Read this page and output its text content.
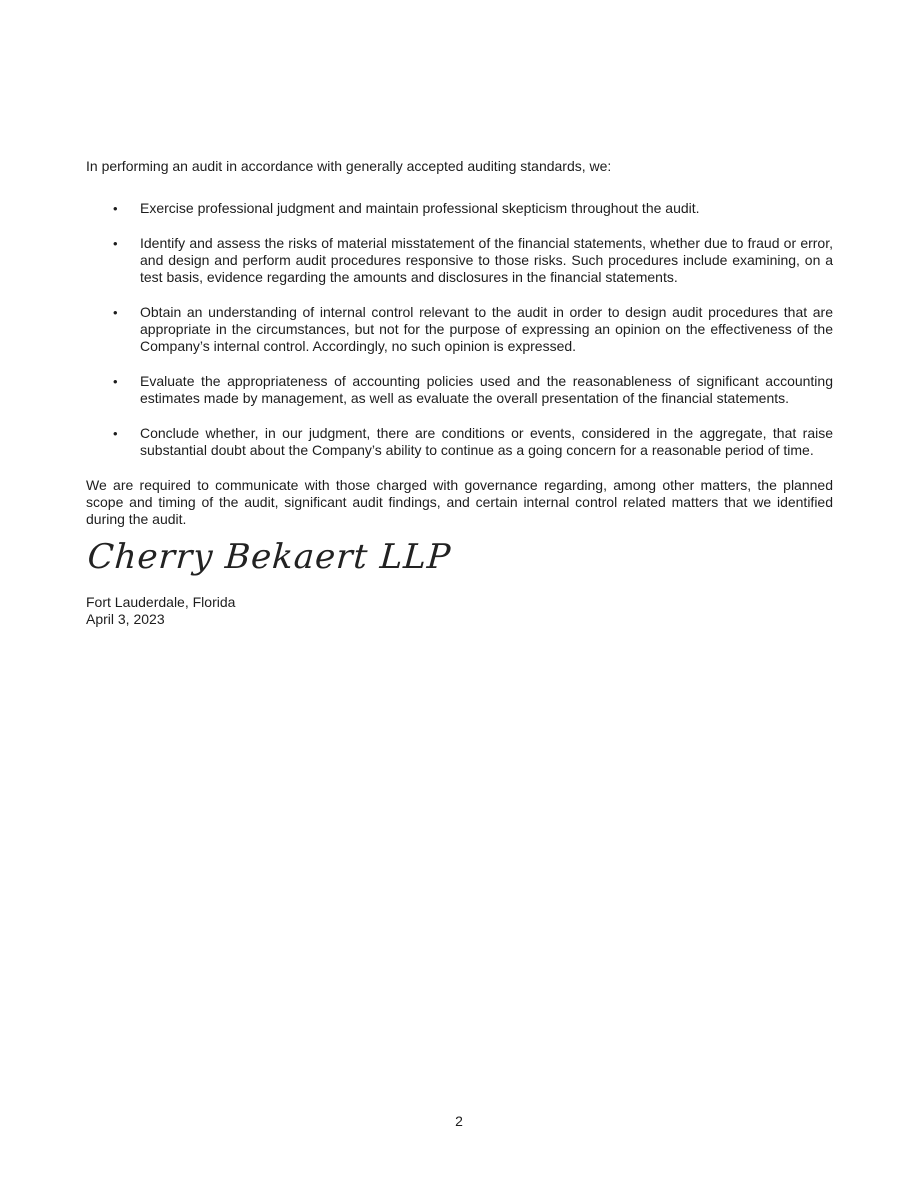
In performing an audit in accordance with generally accepted auditing standards, we:

•	Exercise professional judgment and maintain professional skepticism throughout the audit.

•	Identify and assess the risks of material misstatement of the financial statements, whether due to fraud or error, and design and perform audit procedures responsive to those risks. Such procedures include examining, on a test basis, evidence regarding the amounts and disclosures in the financial statements.

•	Obtain an understanding of internal control relevant to the audit in order to design audit procedures that are appropriate in the circumstances, but not for the purpose of expressing an opinion on the effectiveness of the Company’s internal control. Accordingly, no such opinion is expressed.

•	Evaluate the appropriateness of accounting policies used and the reasonableness of significant accounting estimates made by management, as well as evaluate the overall presentation of the financial statements.

•	Conclude whether, in our judgment, there are conditions or events, considered in the aggregate, that raise substantial doubt about the Company’s ability to continue as a going concern for a reasonable period of time.

We are required to communicate with those charged with governance regarding, among other matters, the planned scope and timing of the audit, significant audit findings, and certain internal control related matters that we identified during the audit.

Cherry Bekaert LLP

Fort Lauderdale, Florida

April 3, 2023

2
